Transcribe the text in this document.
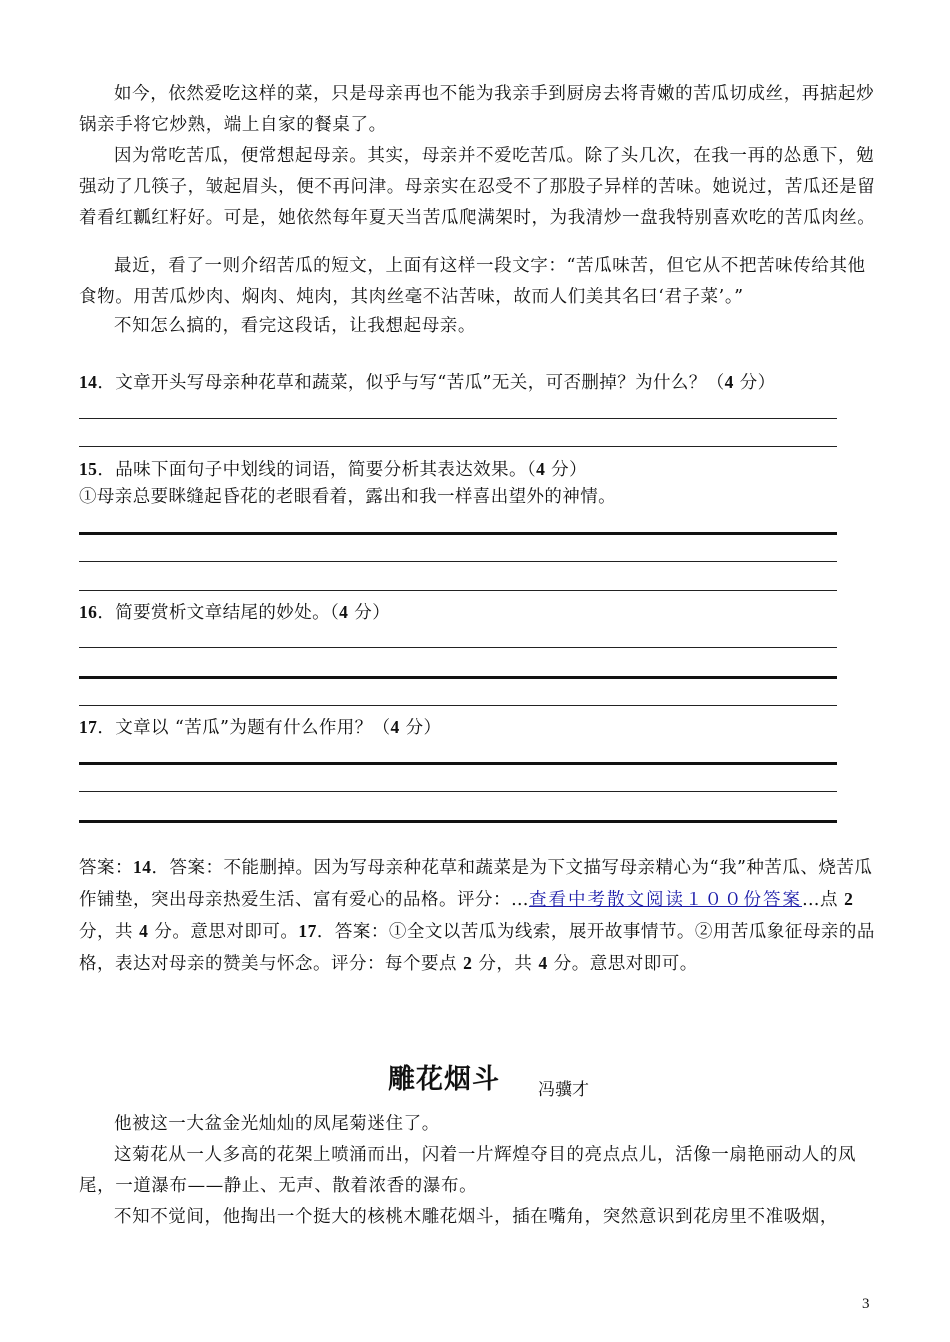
如今，依然爱吃这样的菜，只是母亲再也不能为我亲手到厨房去将青嫩的苦瓜切成丝，再掂起炒锅亲手将它炒熟，端上自家的餐桌了。

因为常吃苦瓜，便常想起母亲。其实，母亲并不爱吃苦瓜。除了头几次，在我一再的怂恿下，勉强动了几筷子，皱起眉头，便不再问津。母亲实在忍受不了那股子异样的苦味。她说过，苦瓜还是留着看红瓤红籽好。可是，她依然每年夏天当苦瓜爬满架时，为我清炒一盘我特别喜欢吃的苦瓜肉丝。

最近，看了一则介绍苦瓜的短文，上面有这样一段文字：“苦瓜味苦，但它从不把苦味传给其他食物。用苦瓜炒肉、焖肉、炖肉，其肉丝毫不沾苦味，故而人们美其名曰‘君子菜’。”

不知怎么搞的，看完这段话，让我想起母亲。

14．文章开头写母亲种花草和蔬菜，似乎与写“苦瓜”无关，可否删掉？为什么？（4 分）

15．品味下面句子中划线的词语，简要分析其表达效果。（4 分）

①母亲总要眯缝起昏花的老眼看着，露出和我一样喜出望外的神情。

16．简要赏析文章结尾的妙处。（4 分）

17．文章以 “苦瓜”为题有什么作用？（4 分）

答案：14．答案：不能删掉。因为写母亲种花草和蔬菜是为下文描写母亲精心为“我”种苦瓜、烧苦瓜作铺垫，突出母亲热爱生活、富有爱心的品格。评分：…查看中考散文阅读１００份答案…点 2 分，共 4 分。意思对即可。17．答案：①全文以苦瓜为线索，展开故事情节。②用苦瓜象征母亲的品格，表达对母亲的赞美与怀念。评分：每个要点 2 分，共 4 分。意思对即可。

雕花烟斗 冯骥才

他被这一大盆金光灿灿的凤尾菊迷住了。

这菊花从一人多高的花架上喷涌而出，闪着一片辉煌夺目的亮点点儿，活像一扇艳丽动人的凤尾，一道瀑布——静止、无声、散着浓香的瀑布。

不知不觉间，他掏出一个挺大的核桃木雕花烟斗，插在嘴角，突然意识到花房里不准吸烟，

3
